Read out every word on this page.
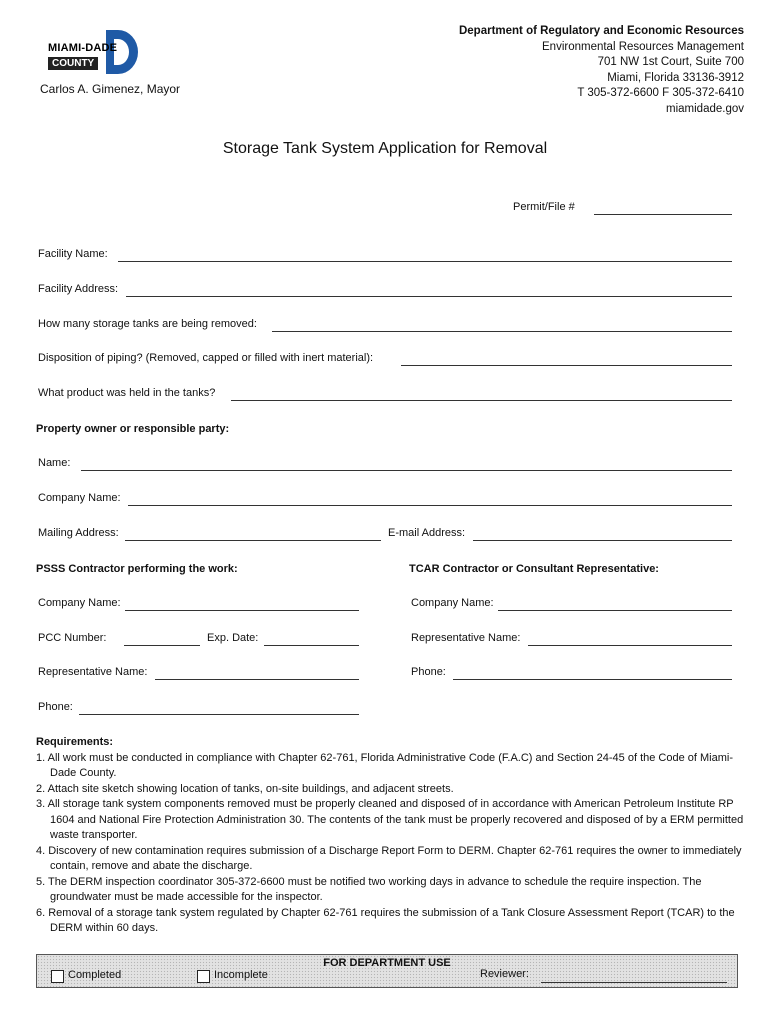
MIAMI-DADE
COUNTY
Carlos A. Gimenez, Mayor
Department of Regulatory and Economic Resources
Environmental Resources Management
701 NW 1st Court, Suite 700
Miami, Florida 33136-3912
T 305-372-6600 F 305-372-6410
miamidade.gov
Storage Tank System Application for Removal
Permit/File #
Facility Name:
Facility Address:
How many storage tanks are being removed:
Disposition of piping? (Removed, capped or filled with inert material):
What product was held in the tanks?
Property owner or responsible party:
Name:
Company Name:
Mailing Address:	E-mail Address:
PSSS Contractor performing the work:	TCAR Contractor or Consultant Representative:
Company Name:	Company Name:
PCC Number:	Exp. Date:	Representative Name:
Representative Name:	Phone:
Phone:
Requirements:
1. All work must be conducted in compliance with Chapter 62-761, Florida Administrative Code (F.A.C) and Section 24-45 of the Code of Miami-Dade County.
2. Attach site sketch showing location of tanks, on-site buildings, and adjacent streets.
3. All storage tank system components removed must be properly cleaned and disposed of in accordance with American Petroleum Institute RP 1604 and National Fire Protection Administration 30. The contents of the tank must be properly recovered and disposed of by a ERM permitted waste transporter.
4. Discovery of new contamination requires submission of a Discharge Report Form to DERM. Chapter 62-761 requires the owner to immediately contain, remove and abate the discharge.
5. The DERM inspection coordinator 305-372-6600 must be notified two working days in advance to schedule the require inspection. The groundwater must be made accessible for the inspector.
6. Removal of a storage tank system regulated by Chapter 62-761 requires the submission of a Tank Closure Assessment Report (TCAR) to the DERM within 60 days.
FOR DEPARTMENT USE
Completed	Incomplete	Reviewer:
